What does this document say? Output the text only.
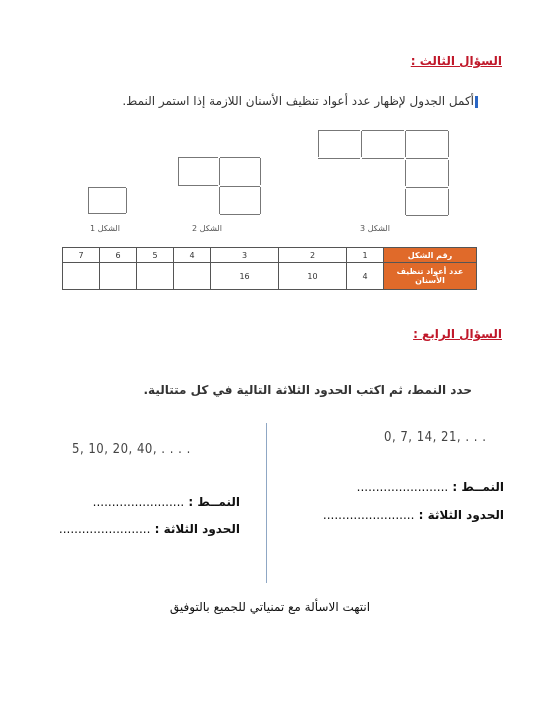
السؤال الثالث :
أكمل الجدول لإظهار عدد أعواد تنظيف الأسنان اللازمة إذا استمر النمط.
الشكل 1	الشكل 2	الشكل 3
رقم الشكل	1	2	3	4	5	6	7
عدد أعواد تنظيف الأسنان	4	10	16				
السؤال الرابع :
حدد النمط، ثم اكتب الحدود الثلاثة التالية في كل متتالية.
0, 7, 14, 21, . . .
5, 10, 20, 40, . . . .
النمــط : ........................
الحدود الثلاثة : ........................
النمــط : ........................
الحدود الثلاثة : ........................
انتهت الاسألة مع تمنياتي للجميع بالتوفيق
